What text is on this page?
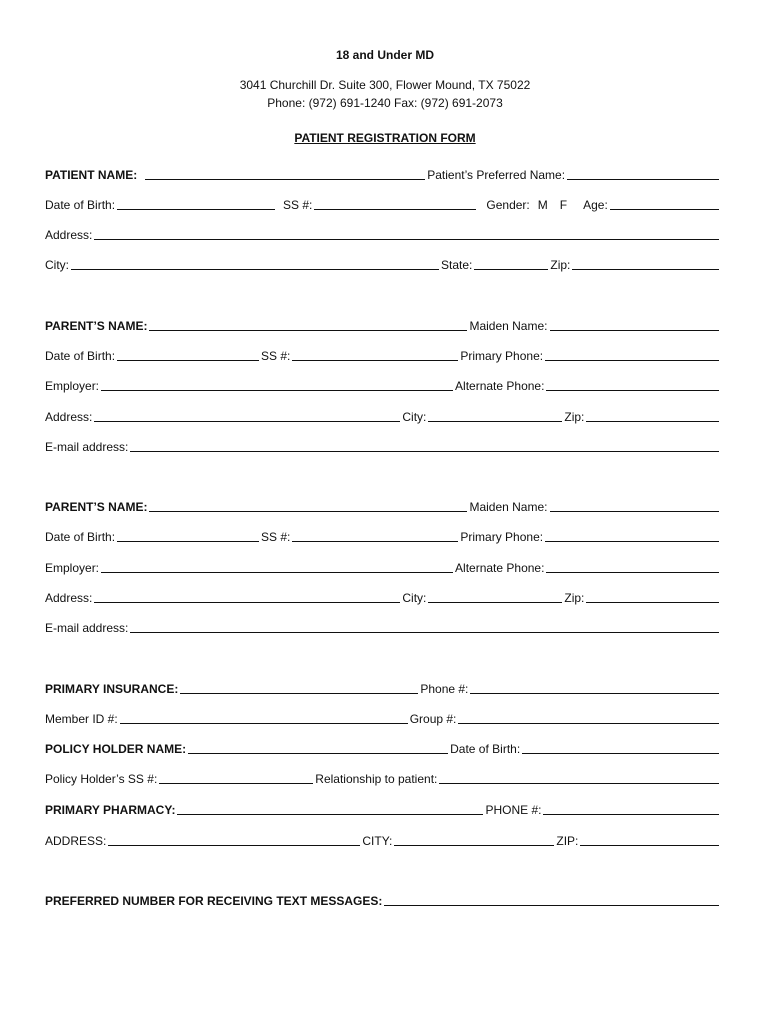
18 and Under MD
3041 Churchill Dr. Suite 300, Flower Mound, TX 75022
Phone: (972) 691-1240 Fax: (972) 691-2073
PATIENT REGISTRATION FORM
PATIENT NAME:	Patient’s Preferred Name:
Date of Birth:	SS #:	Gender: M F Age:
Address:
City:	State:	Zip:
PARENT’S NAME:	Maiden Name:
Date of Birth:	SS #:	Primary Phone:
Employer:	Alternate Phone:
Address:	City:	Zip:
E-mail address:
PARENT’S NAME:	Maiden Name:
Date of Birth:	SS #:	Primary Phone:
Employer:	Alternate Phone:
Address:	City:	Zip:
E-mail address:
PRIMARY INSURANCE:	Phone #:
Member ID #:	Group #:
POLICY HOLDER NAME:	Date of Birth:
Policy Holder’s SS #:	Relationship to patient:
PRIMARY PHARMACY:	PHONE #:
ADDRESS:	CITY:	ZIP:
PREFERRED NUMBER FOR RECEIVING TEXT MESSAGES:
